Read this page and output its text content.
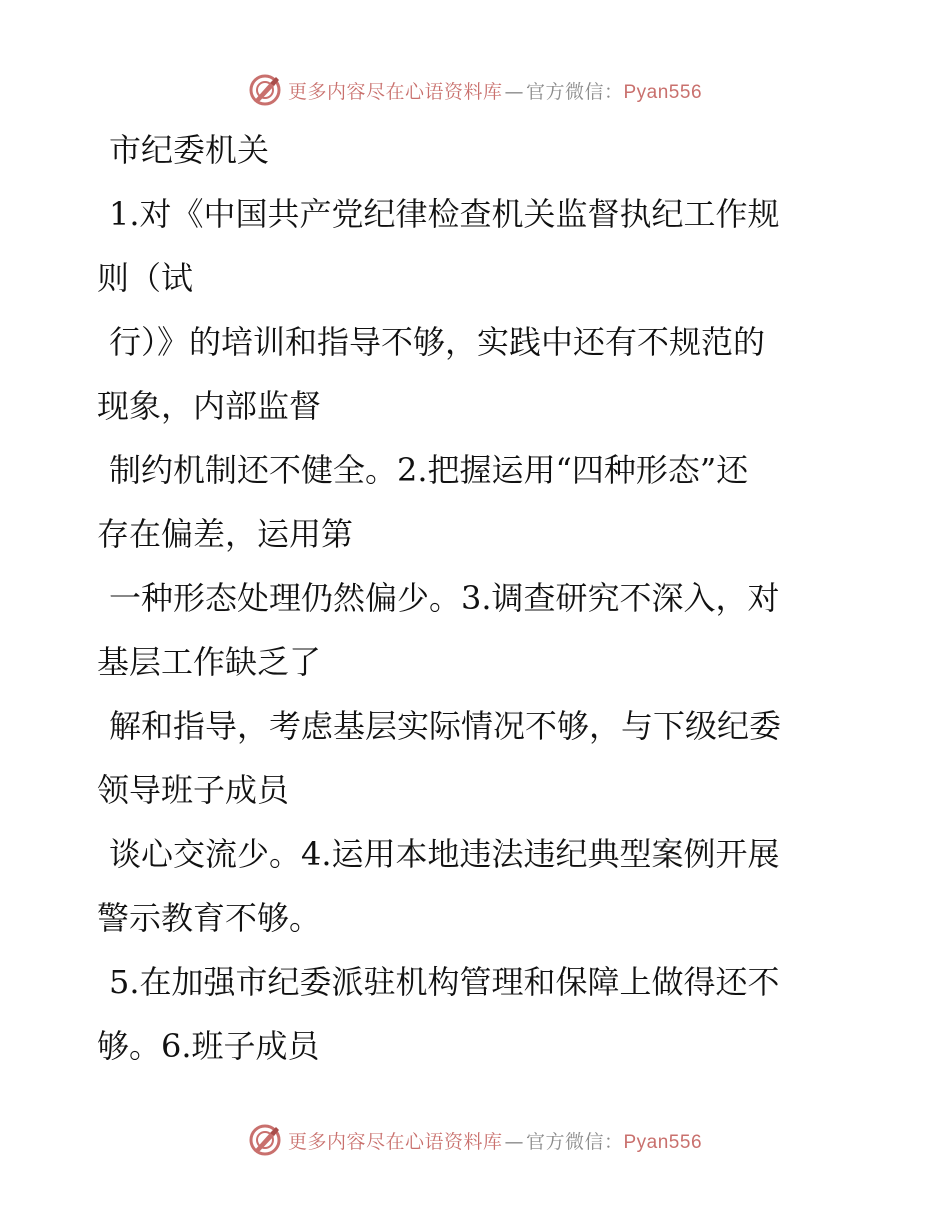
更多内容尽在心语资料库 — 官方微信：Pyan556
市纪委机关
1.对《中国共产党纪律检查机关监督执纪工作规
则（试
行）》的培训和指导不够，实践中还有不规范的
现象，内部监督
制约机制还不健全。2.把握运用“四种形态”还
存在偏差，运用第
一种形态处理仍然偏少。3.调查研究不深入，对
基层工作缺乏了
解和指导，考虑基层实际情况不够，与下级纪委
领导班子成员
谈心交流少。4.运用本地违法违纪典型案例开展
警示教育不够。
5.在加强市纪委派驻机构管理和保障上做得还不
够。6.班子成员
更多内容尽在心语资料库 — 官方微信：Pyan556
